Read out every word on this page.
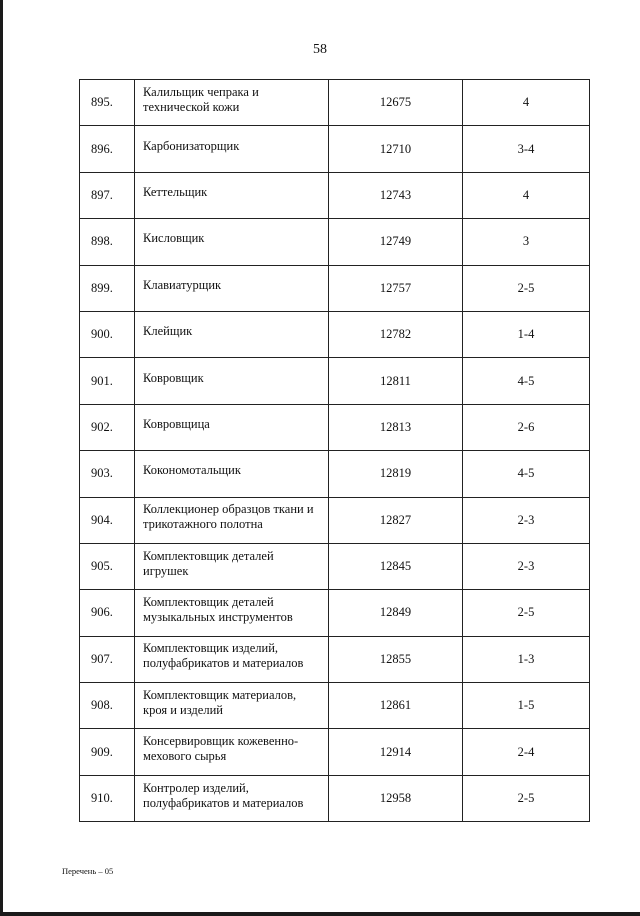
58
895.	Калильщик чепрака и технической кожи	12675	4
896.	Карбонизаторщик	12710	3-4
897.	Кеттельщик	12743	4
898.	Кисловщик	12749	3
899.	Клавиатурщик	12757	2-5
900.	Клейщик	12782	1-4
901.	Ковровщик	12811	4-5
902.	Ковровщица	12813	2-6
903.	Кокономотальщик	12819	4-5
904.	Коллекционер образцов ткани и трикотажного полотна	12827	2-3
905.	Комплектовщик деталей игрушек	12845	2-3
906.	Комплектовщик деталей музыкальных инструментов	12849	2-5
907.	Комплектовщик изделий, полуфабрикатов и материалов	12855	1-3
908.	Комплектовщик материалов, кроя и изделий	12861	1-5
909.	Консервировщик кожевенно-мехового сырья	12914	2-4
910.	Контролер изделий, полуфабрикатов и материалов	12958	2-5
Перечень – 05
